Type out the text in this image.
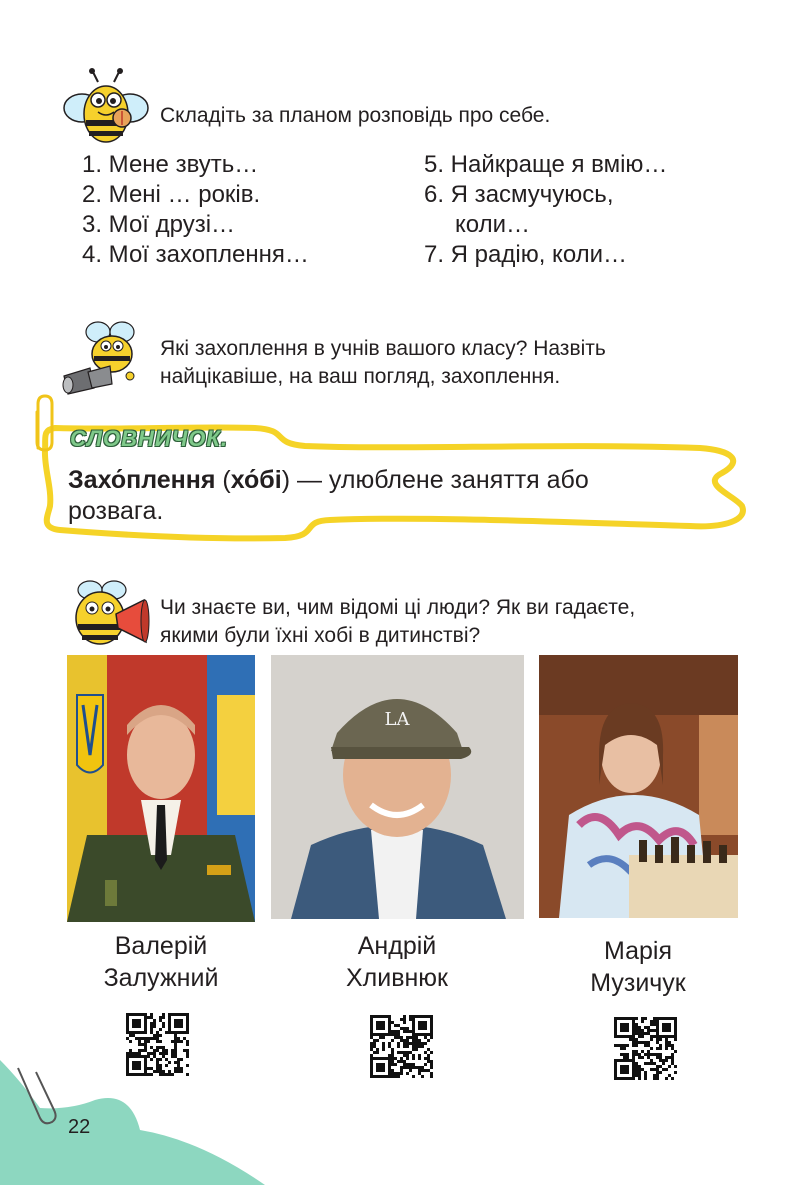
Складіть за планом розповідь про себе.
1. Мене звуть…
2. Мені … років.
3. Мої друзі…
4. Мої захоплення…
5. Найкраще я вмію…
6. Я засмучуюсь,
коли…
7. Я радію, коли…
Які захоплення в учнів вашого класу? Назвіть
найцікавіше, на ваш погляд, захоплення.
СЛОВНИЧОК.
Захо́плення (хо́бі) — улюблене заняття або
розвага.
Чи знаєте ви, чим відомі ці люди? Як ви гадаєте,
якими були їхні хобі в дитинстві?
LA
Валерій
Залужний
Андрій
Хливнюк
Марія
Музичук
22
